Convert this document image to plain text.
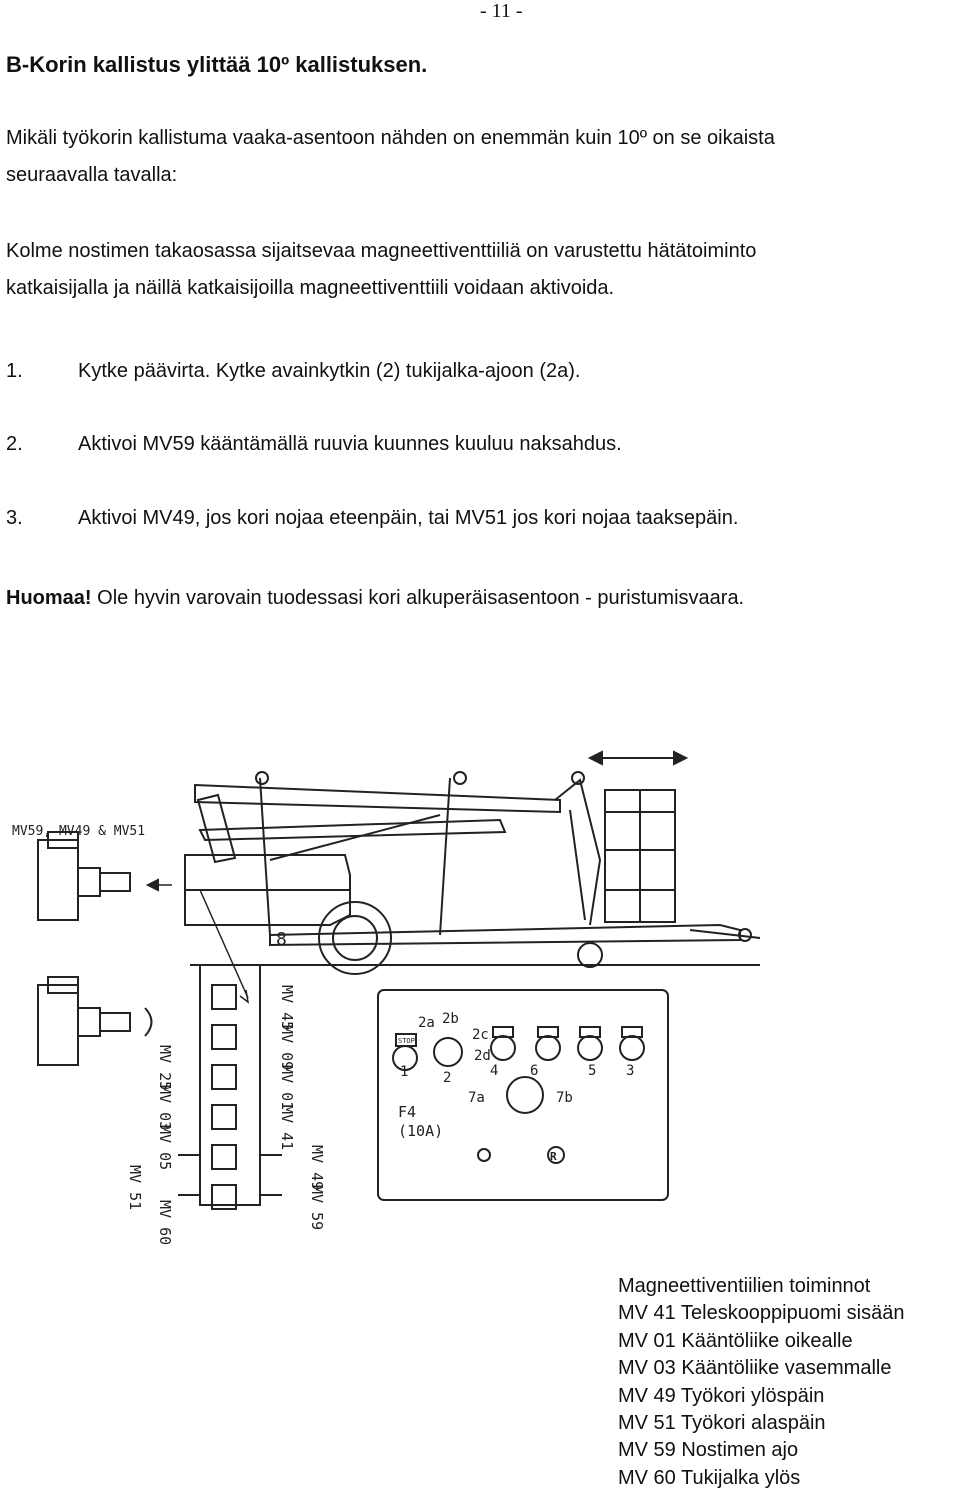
- 11 -
B-Korin kallistus ylittää 10º kallistuksen.
Mikäli työkorin kallistuma vaaka-asentoon nähden on enemmän kuin 10º on se oikaista
seuraavalla tavalla:
Kolme nostimen takaosassa sijaitsevaa magneettiventtiiliä on varustettu hätätoiminto
katkaisijalla ja näillä katkaisijoilla magneettiventtiili voidaan aktivoida.
1.	Kytke päävirta. Kytke avainkytkin (2) tukijalka-ajoon (2a).
2.	Aktivoi MV59 kääntämällä ruuvia kuunnes kuuluu naksahdus.
3.	Aktivoi MV49, jos kori nojaa eteenpäin, tai MV51 jos kori nojaa taaksepäin.
Huomaa! Ole hyvin varovain tuodessasi kori alkuperäisasentoon - puristumisvaara.
MV59, MV49 & MV51
8
MV 25
MV 03
MV 05
MV 51
MV 60
MV 45
MV 09
MV 01
MV 41
MV 49
MV 59
2a 2b
2c
2d
1 2	4 6	5 3
7a	7b
STOP
F4
(10A)
R
Magneettiventiilien toiminnot
MV 41 Teleskooppipuomi sisään
MV 01 Kääntöliike oikealle
MV 03 Kääntöliike vasemmalle
MV 49 Työkori ylöspäin
MV 51 Työkori alaspäin
MV 59 Nostimen ajo
MV 60 Tukijalka ylös
